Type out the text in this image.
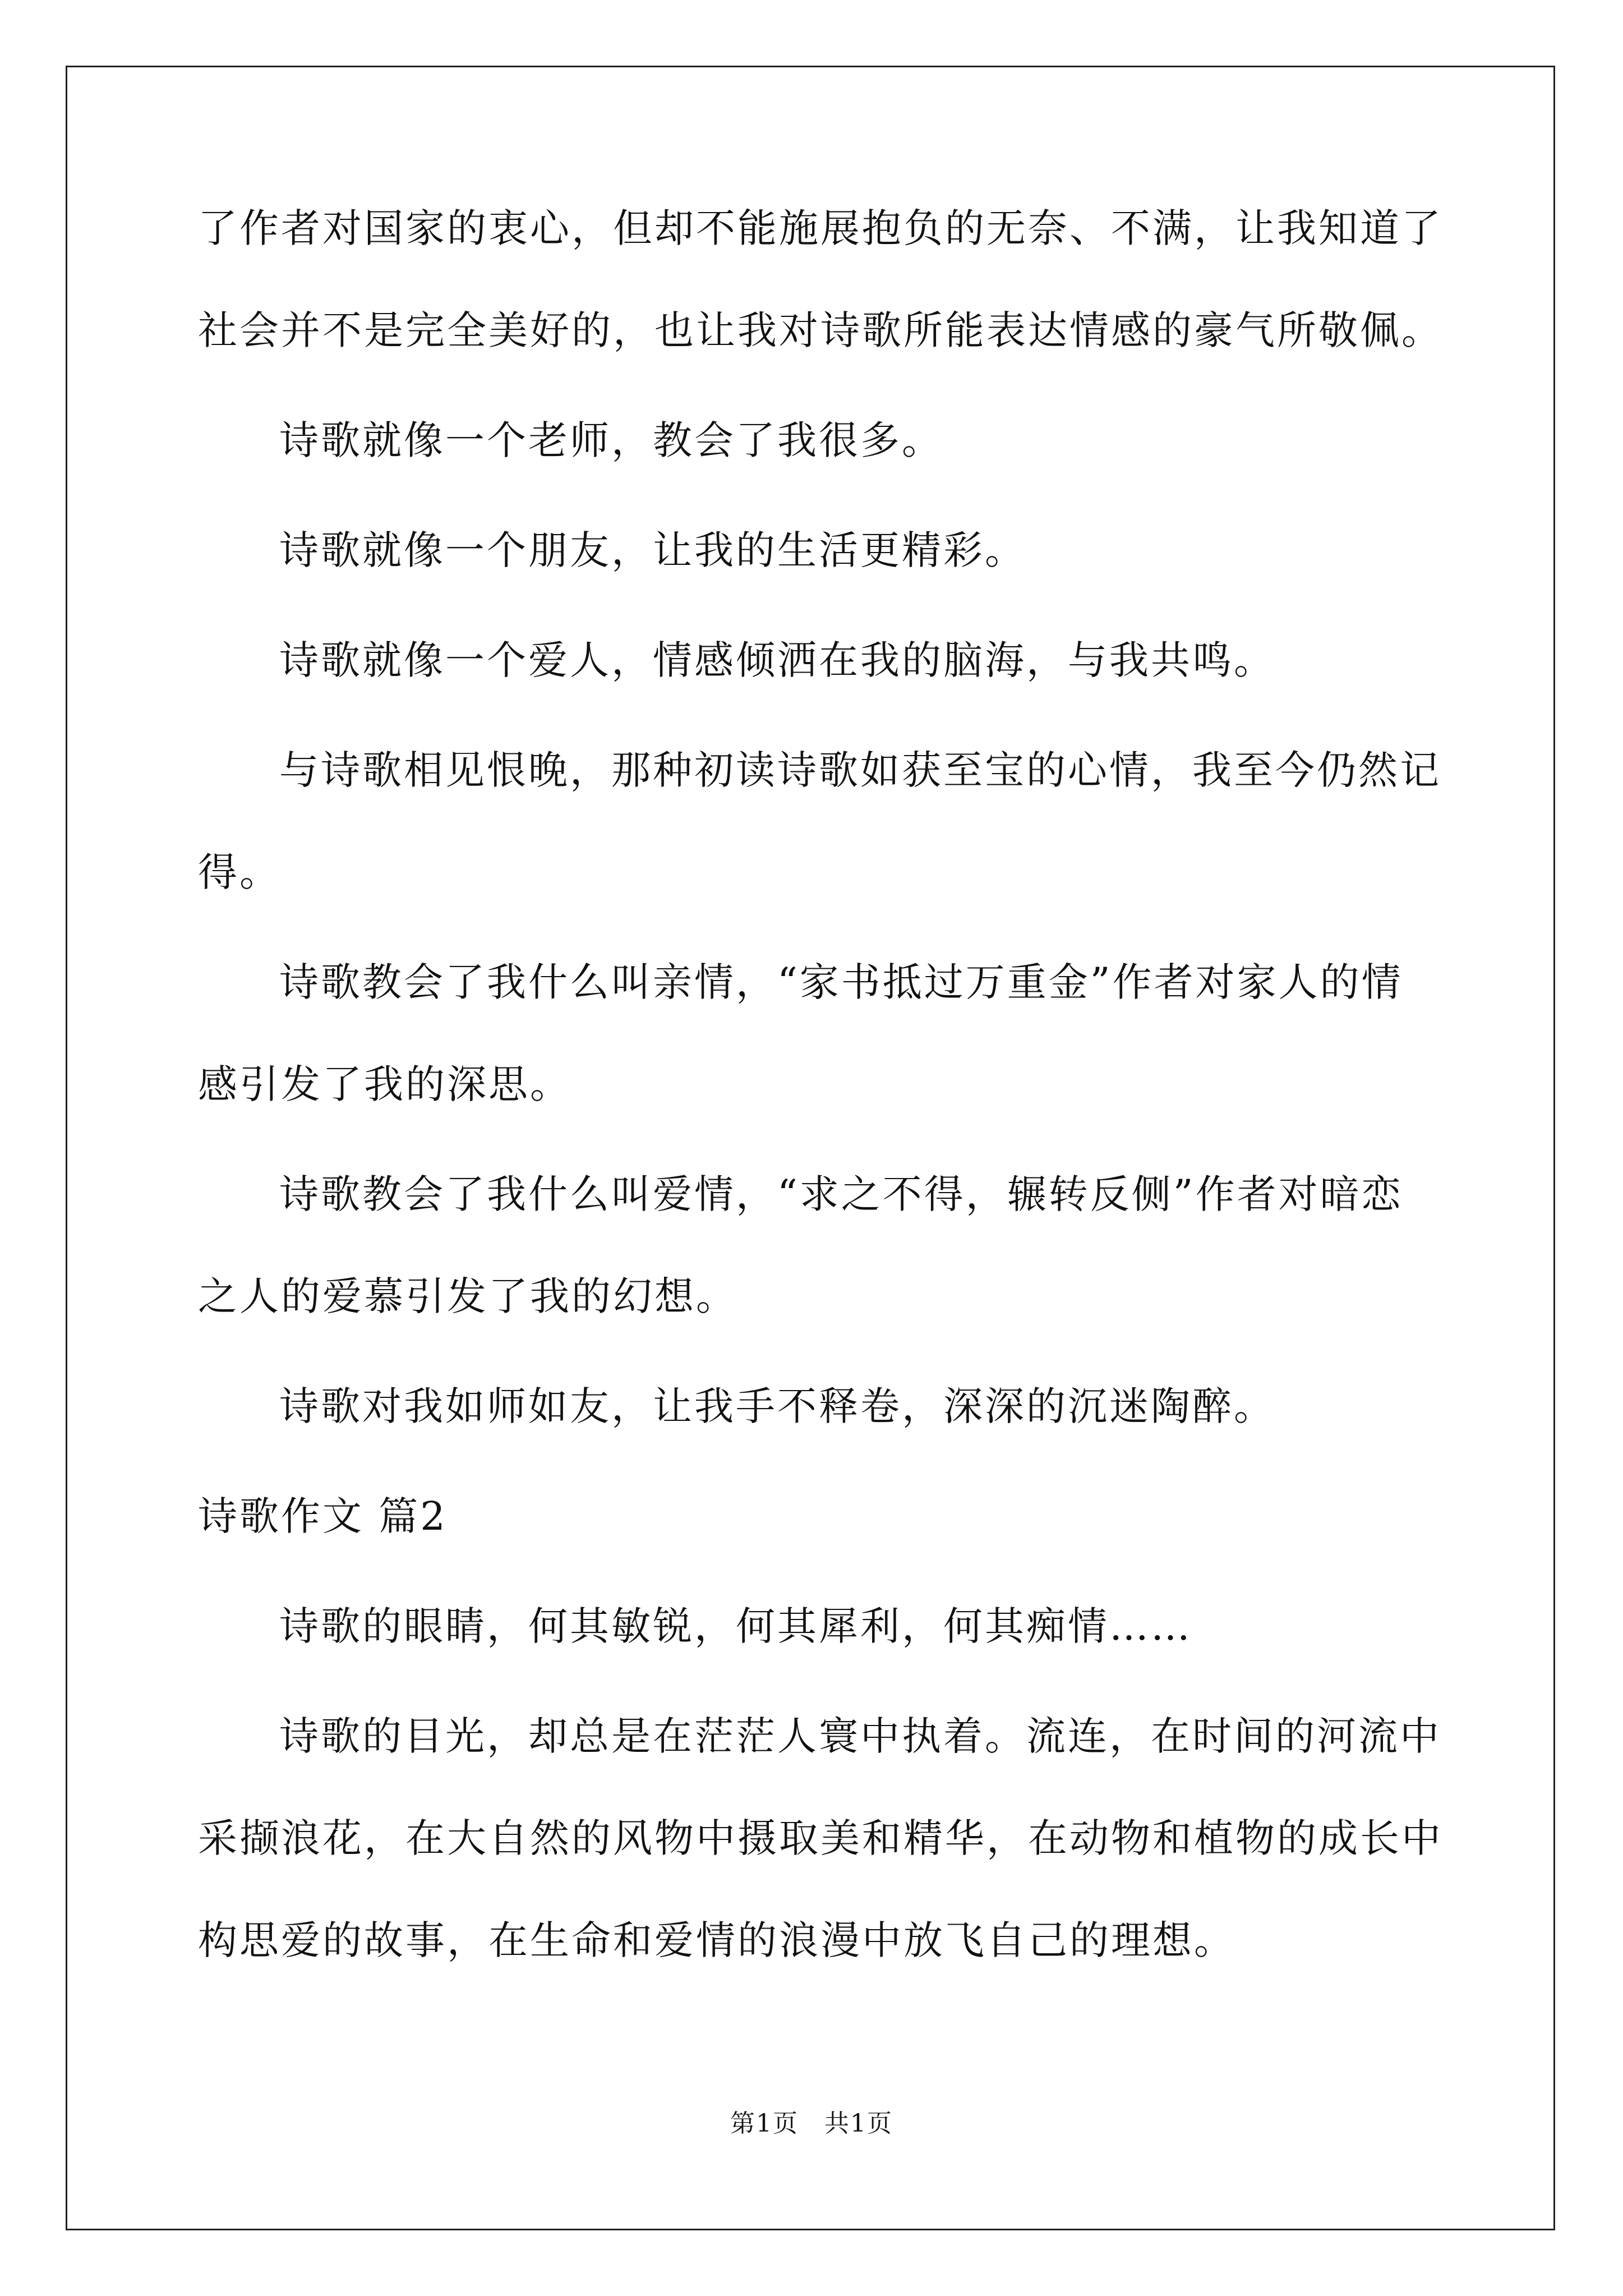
了作者对国家的衷心，但却不能施展抱负的无奈、不满，让我知道了
社会并不是完全美好的，也让我对诗歌所能表达情感的豪气所敬佩。
诗歌就像一个老师，教会了我很多。
诗歌就像一个朋友，让我的生活更精彩。
诗歌就像一个爱人，情感倾洒在我的脑海，与我共鸣。
与诗歌相见恨晚，那种初读诗歌如获至宝的心情，我至今仍然记
得。
诗歌教会了我什么叫亲情，“家书抵过万重金”作者对家人的情
感引发了我的深思。
诗歌教会了我什么叫爱情，“求之不得，辗转反侧”作者对暗恋
之人的爱慕引发了我的幻想。
诗歌对我如师如友，让我手不释卷，深深的沉迷陶醉。
诗歌作文 篇2
诗歌的眼睛，何其敏锐，何其犀利，何其痴情……
诗歌的目光，却总是在茫茫人寰中执着。流连，在时间的河流中
采撷浪花，在大自然的风物中摄取美和精华，在动物和植物的成长中
构思爱的故事，在生命和爱情的浪漫中放飞自己的理想。
第1页　共1页
